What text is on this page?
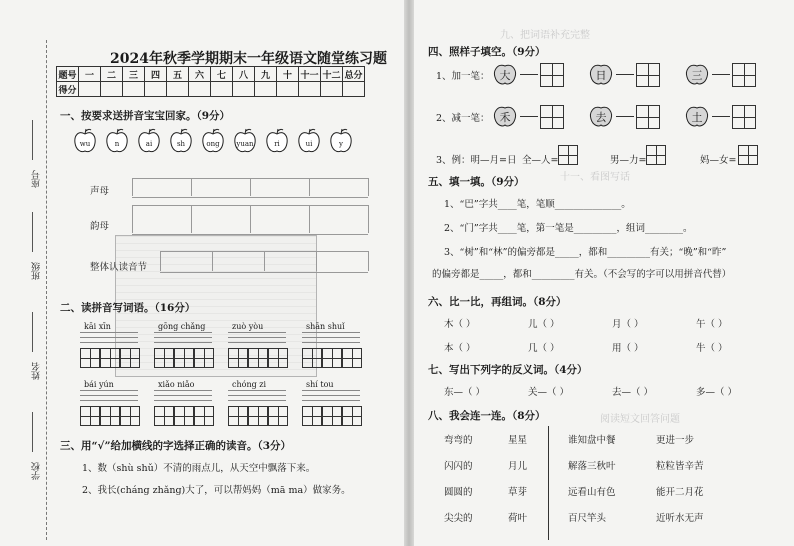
九、把词语补充完整
十一、看图写话
阅读短文回答问题
座号
班级
姓名
学校
2024年秋季学期期末一年级语文随堂练习题
题号	一	二	三	四	五	六	七	八	九	十	十一	十二	总分
得分													
一、按要求送拼音宝宝回家。（9分）
声母
韵母
整体认读音节
二、读拼音写词语。（16分）
kāi xīn	gōng chǎng	zuò yòu	shān shuǐ
bái yún	xiǎo niǎo	chóng zi	shí tou
三、用“√”给加横线的字选择正确的读音。（3分）
1、数（shù shǔ）不清的雨点儿，从天空中飘落下来。
2、我长(cháng zhǎng)大了，可以帮妈妈（mā ma）做家务。
四、照样子填空。（9分）
1、加一笔： 大	日	三
2、减一笔： 禾	去	土
3、例：明—月=日 全—人=	男—力=	妈—女=
五、填一填。（9分）
1、“巴”字共____笔，笔顺______________。
2、“门”字共____笔，第一笔是_________，组词________。
3、“树”和“林”的偏旁都是_____，都和_________有关；“晚”和“昨”
的偏旁都是_____，都和_________有关。（不会写的字可以用拼音代替）
六、比一比，再组词。（8分）
木（ ）	儿（ ）	月（ ）	午（ ）
本（ ）	几（ ）	用（ ）	牛（ ）
七、写出下列字的反义词。（4分）
东—（ ）	关—（ ）	去—（ ）	多—（ ）
八、我会连一连。（8分）
弯弯的
闪闪的
圆圆的
尖尖的
星星
月儿
草芽
荷叶
谁知盘中餐
解落三秋叶
远看山有色
百尺竿头
更进一步
粒粒皆辛苦
能开二月花
近听水无声
wu	n	ai	sh	ong	yuan	ri	ui	y
